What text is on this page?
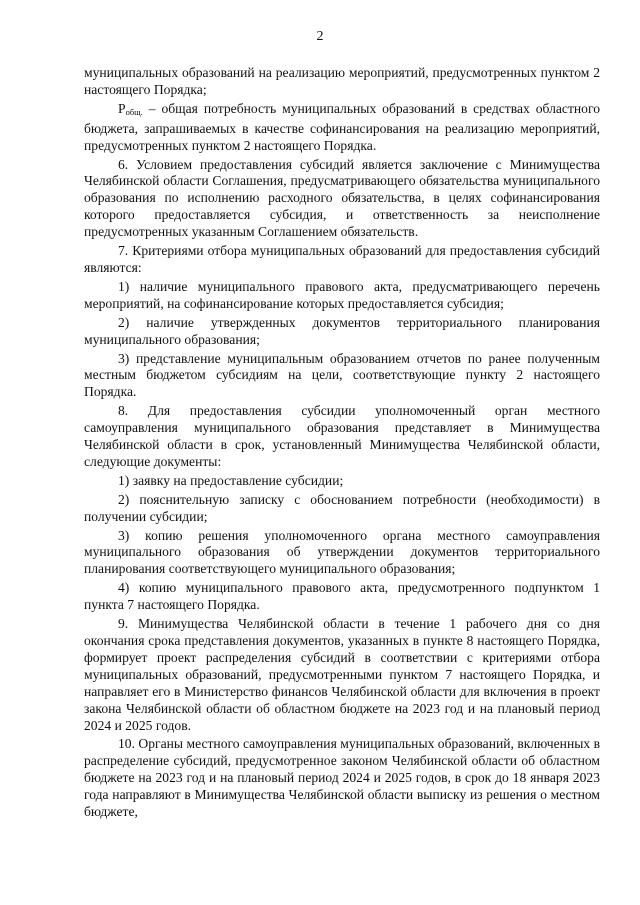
2

муниципальных образований на реализацию мероприятий, предусмотренных пунктом 2 настоящего Порядка;

Pобщ. – общая потребность муниципальных образований в средствах областного бюджета, запрашиваемых в качестве софинансирования на реализацию мероприятий, предусмотренных пунктом 2 настоящего Порядка.

6. Условием предоставления субсидий является заключение с Минимущества Челябинской области Соглашения, предусматривающего обязательства муниципального образования по исполнению расходного обязательства, в целях софинансирования которого предоставляется субсидия, и ответственность за неисполнение предусмотренных указанным Соглашением обязательств.

7. Критериями отбора муниципальных образований для предоставления субсидий являются:

1) наличие муниципального правового акта, предусматривающего перечень мероприятий, на софинансирование которых предоставляется субсидия;

2) наличие утвержденных документов территориального планирования муниципального образования;

3) представление муниципальным образованием отчетов по ранее полученным местным бюджетом субсидиям на цели, соответствующие пункту 2 настоящего Порядка.

8. Для предоставления субсидии уполномоченный орган местного самоуправления муниципального образования представляет в Минимущества Челябинской области в срок, установленный Минимущества Челябинской области, следующие документы:

1) заявку на предоставление субсидии;

2) пояснительную записку с обоснованием потребности (необходимости) в получении субсидии;

3) копию решения уполномоченного органа местного самоуправления муниципального образования об утверждении документов территориального планирования соответствующего муниципального образования;

4) копию муниципального правового акта, предусмотренного подпунктом 1 пункта 7 настоящего Порядка.

9. Минимущества Челябинской области в течение 1 рабочего дня со дня окончания срока представления документов, указанных в пункте 8 настоящего Порядка, формирует проект распределения субсидий в соответствии с критериями отбора муниципальных образований, предусмотренными пунктом 7 настоящего Порядка, и направляет его в Министерство финансов Челябинской области для включения в проект закона Челябинской области об областном бюджете на 2023 год и на плановый период 2024 и 2025 годов.

10. Органы местного самоуправления муниципальных образований, включенных в распределение субсидий, предусмотренное законом Челябинской области об областном бюджете на 2023 год и на плановый период 2024 и 2025 годов, в срок до 18 января 2023 года направляют в Минимущества Челябинской области выписку из решения о местном бюджете,
